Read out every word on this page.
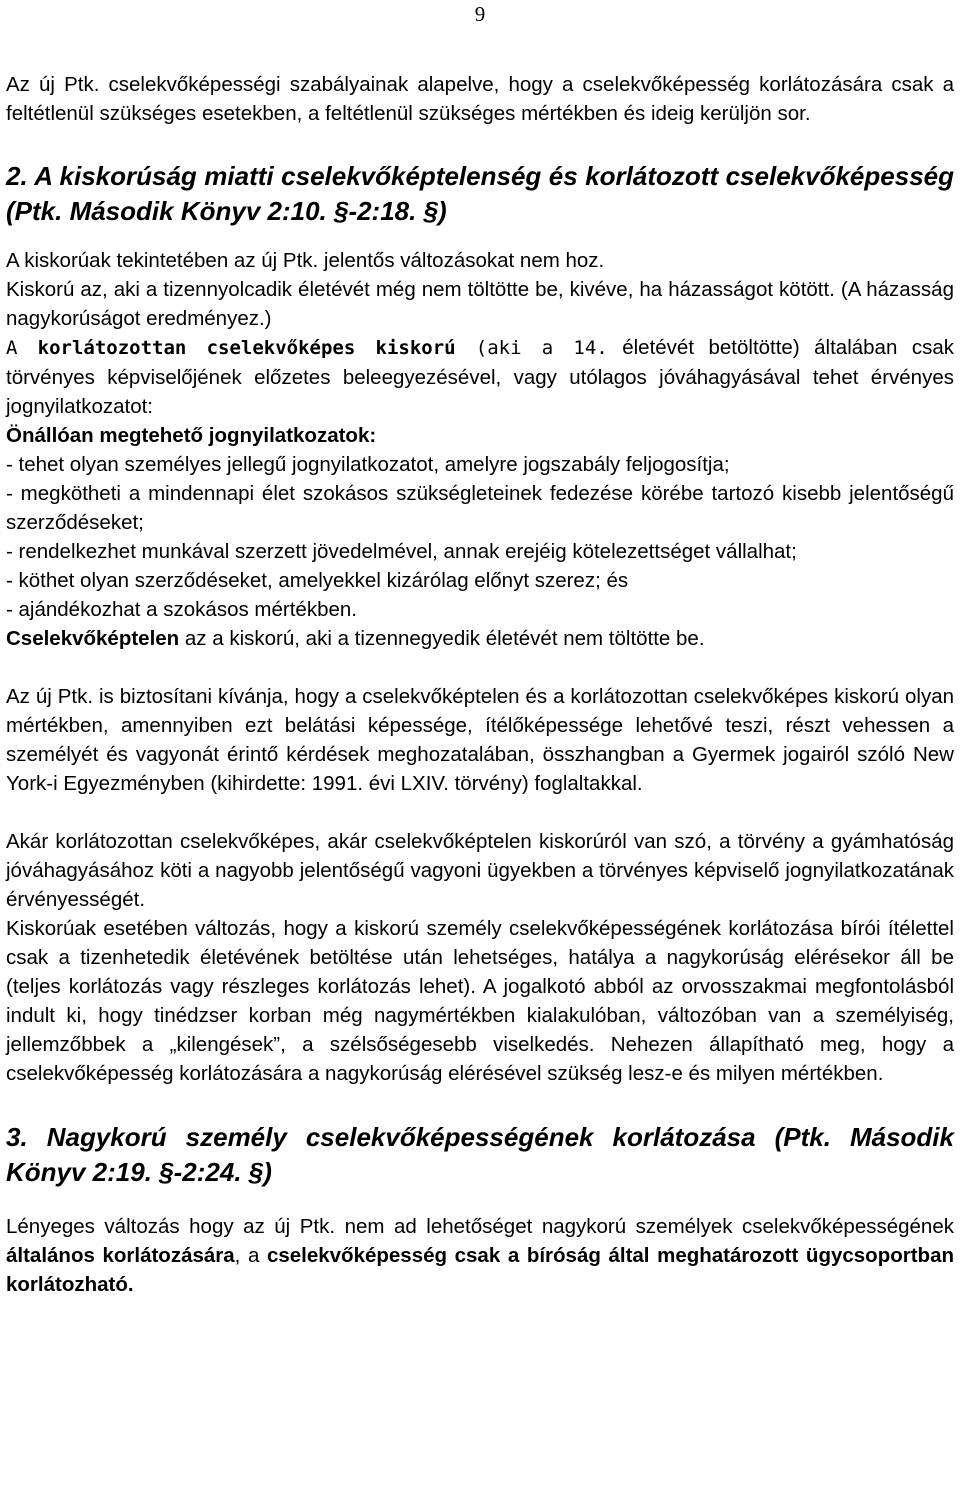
9

Az új Ptk. cselekvőképességi szabályainak alapelve, hogy a cselekvőképesség korlátozására csak a feltétlenül szükséges esetekben, a feltétlenül szükséges mértékben és ideig kerüljön sor.

2. A kiskorúság miatti cselekvőképtelenség és korlátozott cselekvőképesség (Ptk. Második Könyv 2:10. §-2:18. §)

A kiskorúak tekintetében az új Ptk. jelentős változásokat nem hoz.

Kiskorú az, aki a tizennyolcadik életévét még nem töltötte be, kivéve, ha házasságot kötött. (A házasság nagykorúságot eredményez.)

A korlátozottan cselekvőképes kiskorú (aki a 14. életévét betöltötte) általában csak törvényes képviselőjének előzetes beleegyezésével, vagy utólagos jóváhagyásával tehet érvényes jognyilatkozatot:

Önállóan megtehető jognyilatkozatok:

- tehet olyan személyes jellegű jognyilatkozatot, amelyre jogszabály feljogosítja;

- megkötheti a mindennapi élet szokásos szükségleteinek fedezése körébe tartozó kisebb jelentőségű szerződéseket;

- rendelkezhet munkával szerzett jövedelmével, annak erejéig kötelezettséget vállalhat;

- köthet olyan szerződéseket, amelyekkel kizárólag előnyt szerez; és

- ajándékozhat a szokásos mértékben.

Cselekvőképtelen az a kiskorú, aki a tizennegyedik életévét nem töltötte be.

Az új Ptk. is biztosítani kívánja, hogy a cselekvőképtelen és a korlátozottan cselekvőképes kiskorú olyan mértékben, amennyiben ezt belátási képessége, ítélőképessége lehetővé teszi, részt vehessen a személyét és vagyonát érintő kérdések meghozatalában, összhangban a Gyermek jogairól szóló New York-i Egyezményben (kihirdette: 1991. évi LXIV. törvény) foglaltakkal.

Akár korlátozottan cselekvőképes, akár cselekvőképtelen kiskorúról van szó, a törvény a gyámhatóság jóváhagyásához köti a nagyobb jelentőségű vagyoni ügyekben a törvényes képviselő jognyilatkozatának érvényességét.

Kiskorúak esetében változás, hogy a kiskorú személy cselekvőképességének korlátozása bírói ítélettel csak a tizenhetedik életévének betöltése után lehetséges, hatálya a nagykorúság elérésekor áll be (teljes korlátozás vagy részleges korlátozás lehet). A jogalkotó abból az orvosszakmai megfontolásból indult ki, hogy tinédzser korban még nagymértékben kialakulóban, változóban van a személyiség, jellemzőbbek a „kilengések”, a szélsőségesebb viselkedés. Nehezen állapítható meg, hogy a cselekvőképesség korlátozására a nagykorúság elérésével szükség lesz-e és milyen mértékben.

3. Nagykorú személy cselekvőképességének korlátozása (Ptk. Második Könyv 2:19. §-2:24. §)

Lényeges változás hogy az új Ptk. nem ad lehetőséget nagykorú személyek cselekvőképességének általános korlátozására, a cselekvőképesség csak a bíróság által meghatározott ügycsoportban korlátozható.
